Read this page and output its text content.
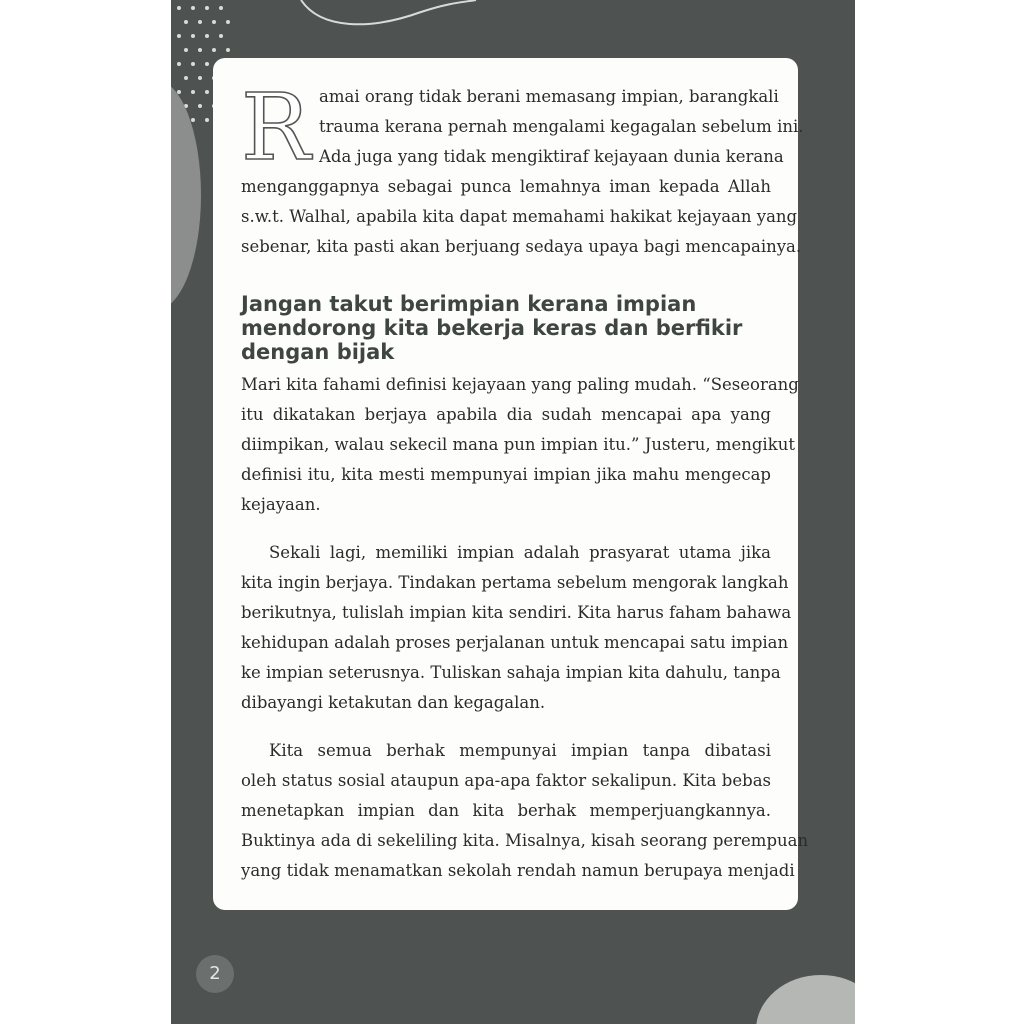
R amai orang tidak berani memasang impian, barangkali
trauma kerana pernah mengalami kegagalan sebelum ini.
Ada juga yang tidak mengiktiraf kejayaan dunia kerana
menganggapnya sebagai punca lemahnya iman kepada Allah
s.w.t. Walhal, apabila kita dapat memahami hakikat kejayaan yang
sebenar, kita pasti akan berjuang sedaya upaya bagi mencapainya.
Jangan takut berimpian kerana impian
mendorong kita bekerja keras dan berfikir
dengan bijak
Mari kita fahami definisi kejayaan yang paling mudah. “Seseorang
itu dikatakan berjaya apabila dia sudah mencapai apa yang
diimpikan, walau sekecil mana pun impian itu.” Justeru, mengikut
definisi itu, kita mesti mempunyai impian jika mahu mengecap
kejayaan.
Sekali lagi, memiliki impian adalah prasyarat utama jika
kita ingin berjaya. Tindakan pertama sebelum mengorak langkah
berikutnya, tulislah impian kita sendiri. Kita harus faham bahawa
kehidupan adalah proses perjalanan untuk mencapai satu impian
ke impian seterusnya. Tuliskan sahaja impian kita dahulu, tanpa
dibayangi ketakutan dan kegagalan.
Kita semua berhak mempunyai impian tanpa dibatasi
oleh status sosial ataupun apa-apa faktor sekalipun. Kita bebas
menetapkan impian dan kita berhak memperjuangkannya.
Buktinya ada di sekeliling kita. Misalnya, kisah seorang perempuan
yang tidak menamatkan sekolah rendah namun berupaya menjadi
2
